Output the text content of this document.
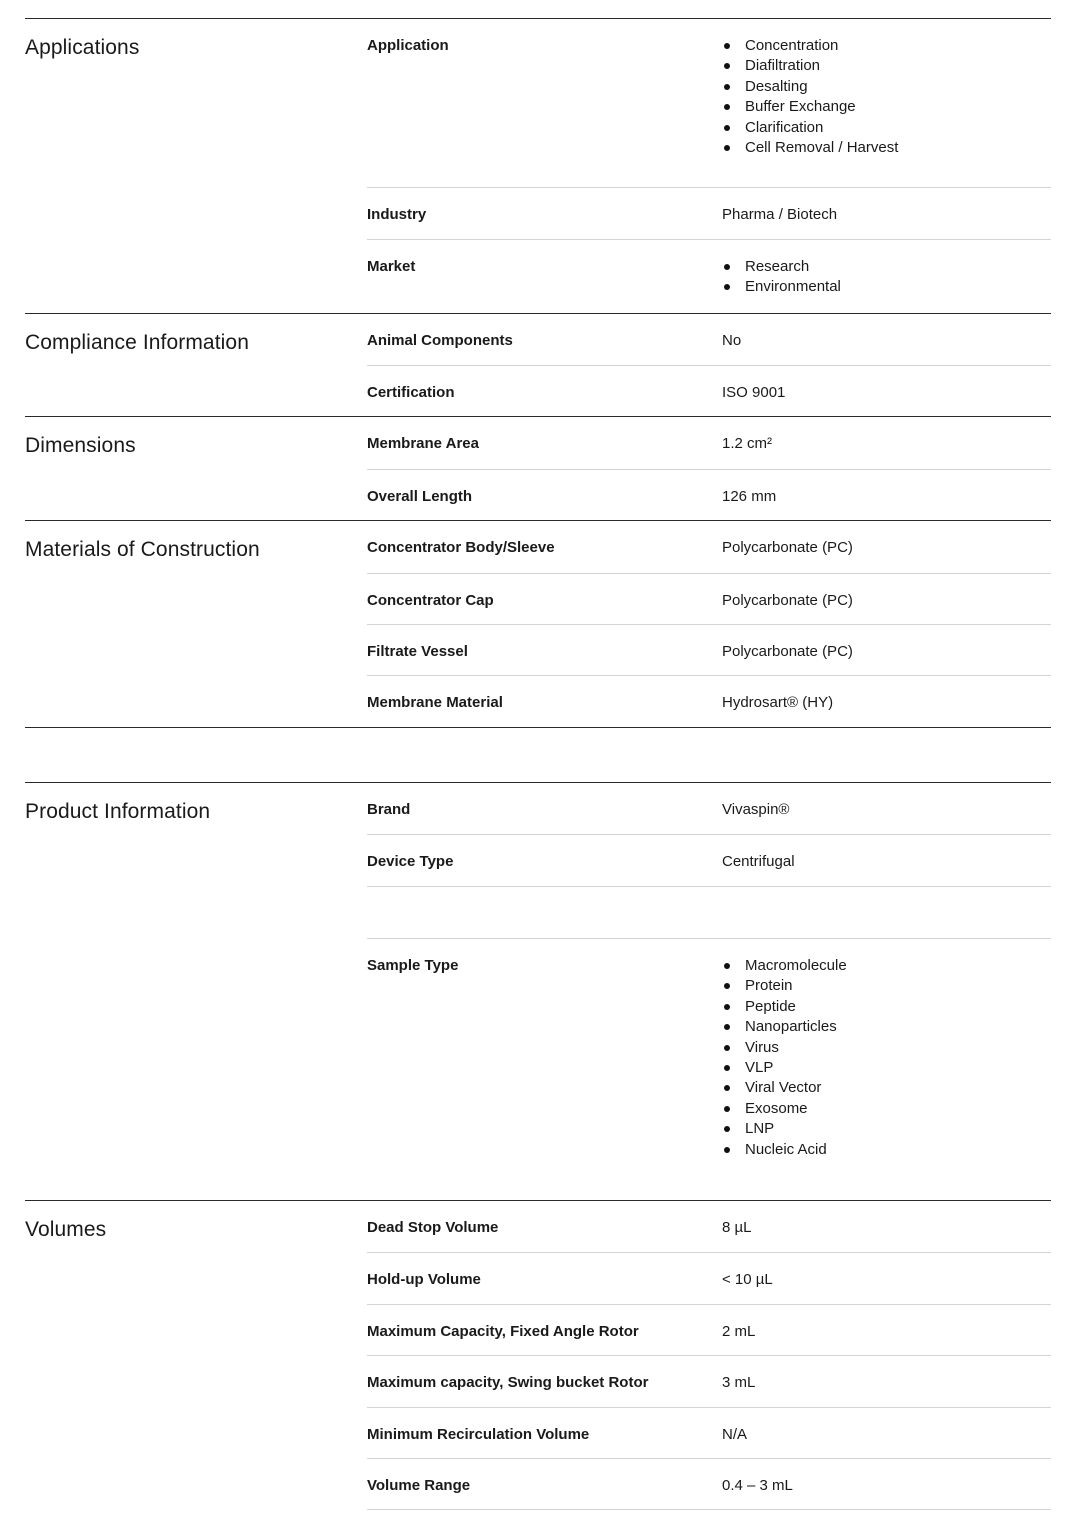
Applications	Application	Concentration
Diafiltration
Desalting
Buffer Exchange
Clarification
Cell Removal / Harvest
Industry	Pharma / Biotech
Market	Research
Environmental
Compliance Information	Animal Components	No
Certification	ISO 9001
Dimensions	Membrane Area	1.2 cm²
Overall Length	126 mm
Materials of Construction	Concentrator Body/Sleeve	Polycarbonate (PC)
Concentrator Cap	Polycarbonate (PC)
Filtrate Vessel	Polycarbonate (PC)
Membrane Material	Hydrosart® (HY)
Product Information	Brand	Vivaspin®
Device Type	Centrifugal
Sample Type	Macromolecule
Protein
Peptide
Nanoparticles
Virus
VLP
Viral Vector
Exosome
LNP
Nucleic Acid
Volumes	Dead Stop Volume	8 µL
Hold-up Volume	< 10 µL
Maximum Capacity, Fixed Angle Rotor	2 mL
Maximum capacity, Swing bucket Rotor	3 mL
Minimum Recirculation Volume	N/A
Volume Range	0.4 – 3 mL
